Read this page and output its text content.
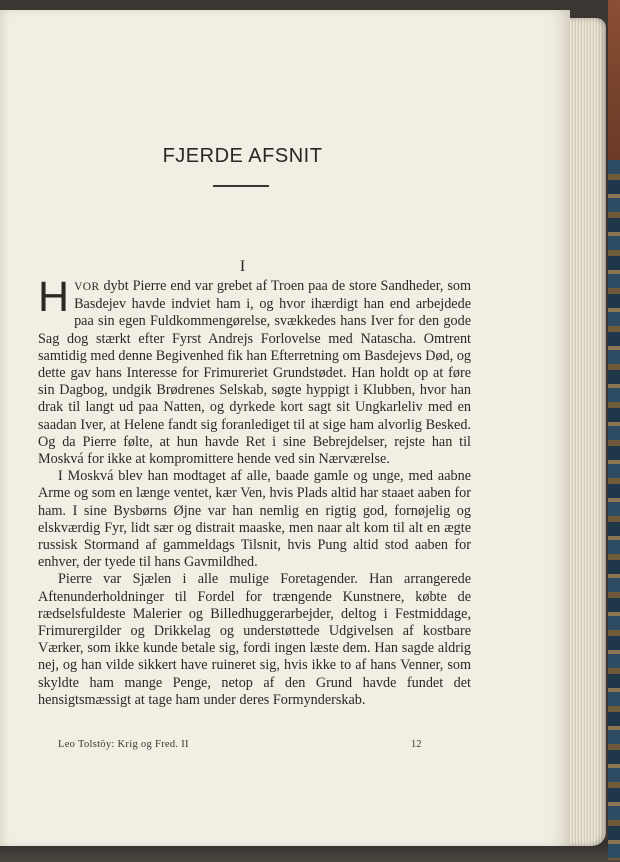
FJERDE AFSNIT
I

HVOR dybt Pierre end var grebet af Troen paa de store Sandheder, som Basdejev havde indviet ham i, og hvor ihærdigt han end arbejdede paa sin egen Fuldkommengørelse, svækkedes hans Iver for den gode Sag dog stærkt efter Fyrst Andrejs Forlovelse med Natascha. Omtrent samtidig med denne Begivenhed fik han Efterretning om Basdejevs Død, og dette gav hans Interesse for Frimureriet Grundstødet. Han holdt op at føre sin Dagbog, undgik Brødrenes Selskab, søgte hyppigt i Klubben, hvor han drak til langt ud paa Natten, og dyrkede kort sagt sit Ungkarleliv med en saadan Iver, at Helene fandt sig foranlediget til at sige ham alvorlig Besked. Og da Pierre følte, at hun havde Ret i sine Bebrejdelser, rejste han til Moskvá for ikke at kompromittere hende ved sin Nærværelse.

I Moskvá blev han modtaget af alle, baade gamle og unge, med aabne Arme og som en længe ventet, kær Ven, hvis Plads altid har staaet aaben for ham. I sine Bysbørns Øjne var han nemlig en rigtig god, fornøjelig og elskværdig Fyr, lidt sær og distrait maaske, men naar alt kom til alt en ægte russisk Stormand af gammeldags Tilsnit, hvis Pung altid stod aaben for enhver, der tyede til hans Gavmildhed.

Pierre var Sjælen i alle mulige Foretagender. Han arrangerede Aftenunderholdninger til Fordel for trængende Kunstnere, købte de rædselsfuldeste Malerier og Billedhuggerarbejder, deltog i Festmiddage, Frimurergilder og Drikkelag og understøttede Udgivelsen af kostbare Værker, som ikke kunde betale sig, fordi ingen læste dem. Han sagde aldrig nej, og han vilde sikkert have ruineret sig, hvis ikke to af hans Venner, som skyldte ham mange Penge, netop af den Grund havde fundet det hensigtsmæssigt at tage ham under deres Formynderskab.

Leo Tolstöy: Krig og Fred. II	12
